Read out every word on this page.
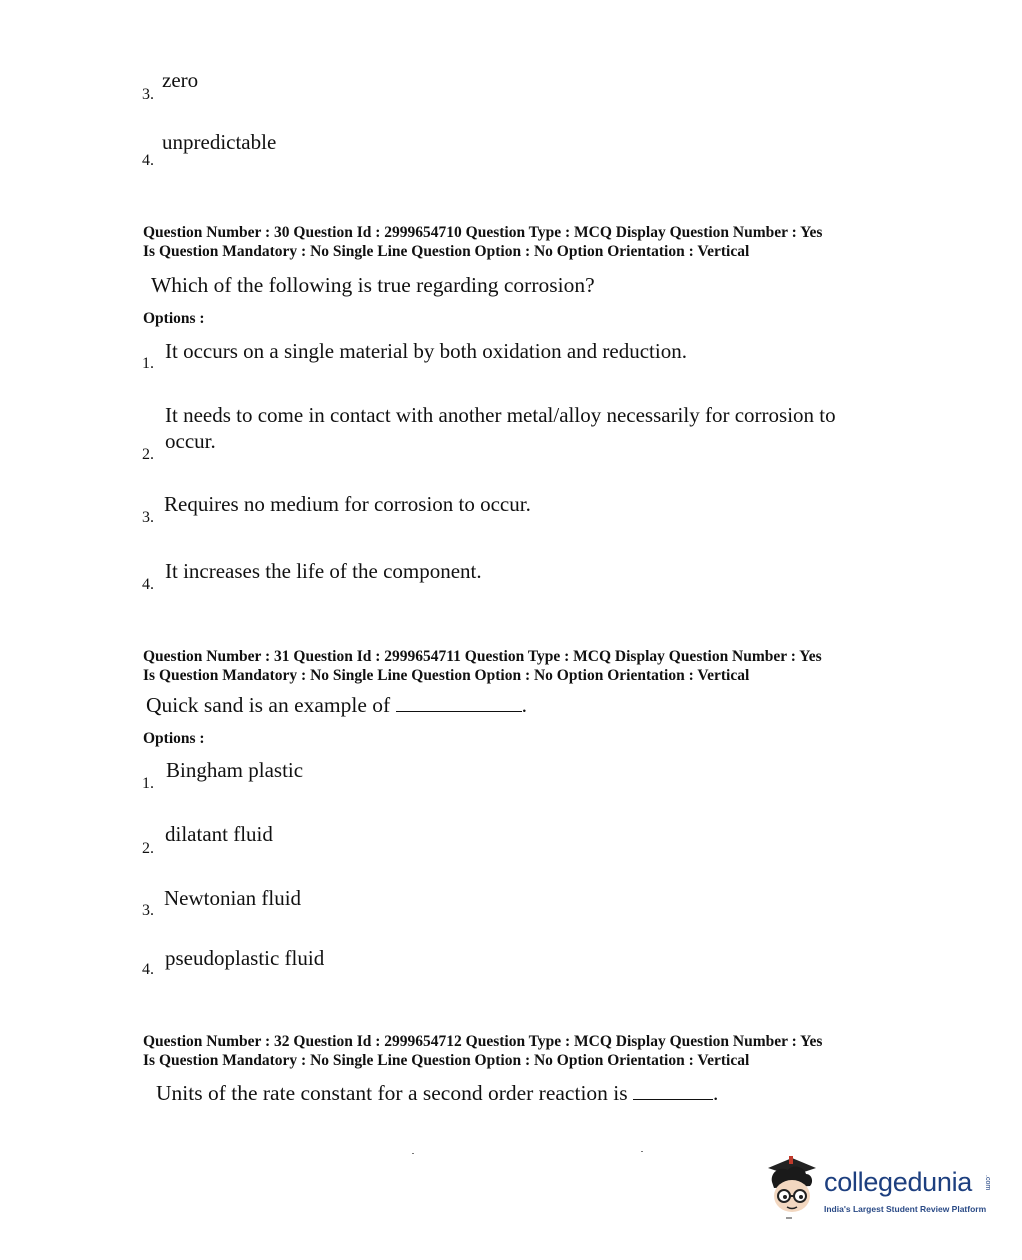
zero
3.
unpredictable
4.
Question Number : 30 Question Id : 2999654710 Question Type : MCQ Display Question Number : Yes
Is Question Mandatory : No Single Line Question Option : No Option Orientation : Vertical
Which of the following is true regarding corrosion?
Options :
It occurs on a single material by both oxidation and reduction.
1.
It needs to come in contact with another metal/alloy necessarily for corrosion to
occur.
2.
Requires no medium for corrosion to occur.
3.
It increases the life of the component.
4.
Question Number : 31 Question Id : 2999654711 Question Type : MCQ Display Question Number : Yes
Is Question Mandatory : No Single Line Question Option : No Option Orientation : Vertical
Quick sand is an example of	.
Options :
Bingham plastic
1.
dilatant fluid
2.
Newtonian fluid
3.
pseudoplastic fluid
4.
Question Number : 32 Question Id : 2999654712 Question Type : MCQ Display Question Number : Yes
Is Question Mandatory : No Single Line Question Option : No Option Orientation : Vertical
Units of the rate constant for a second order reaction is	.
collegedunia .com
India's Largest Student Review Platform
